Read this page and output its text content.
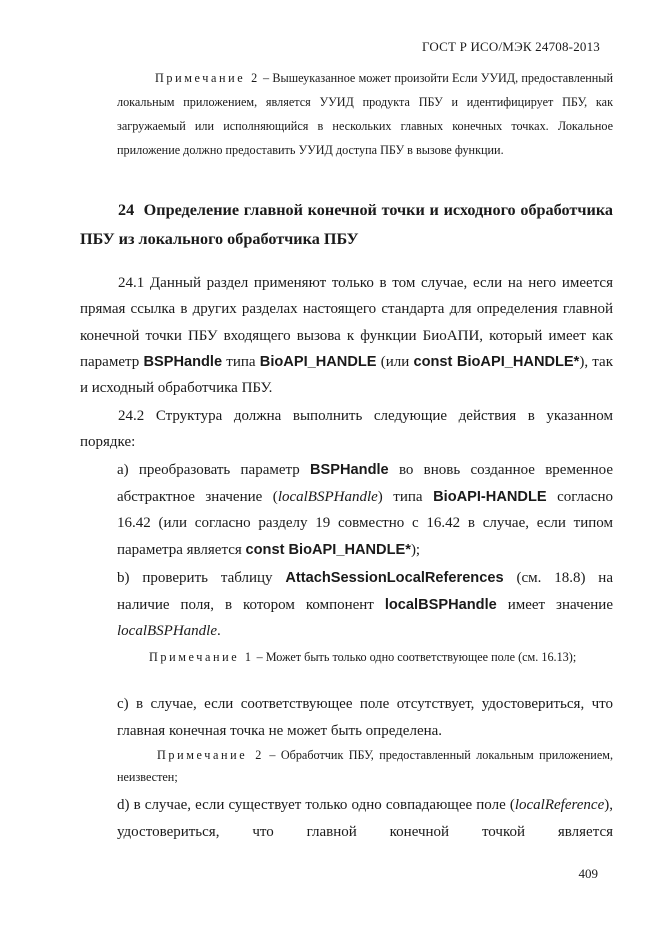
ГОСТ Р ИСО/МЭК 24708-2013

Примечание 2 – Вышеуказанное может произойти Если УУИД, предоставленный локальным приложением, является УУИД продукта ПБУ и идентифицирует ПБУ, как загружаемый или исполняющийся в нескольких главных конечных точках. Локальное приложение должно предоставить УУИД доступа ПБУ в вызове функции.

24 Определение главной конечной точки и исходного обработчика ПБУ из локального обработчика ПБУ

24.1 Данный раздел применяют только в том случае, если на него имеется прямая ссылка в других разделах настоящего стандарта для определения главной конечной точки ПБУ входящего вызова к функции БиоАПИ, который имеет как параметр BSPHandle типа BioAPI_HANDLE (или const BioAPI_HANDLE*), так и исходный обработчика ПБУ.

24.2 Структура должна выполнить следующие действия в указанном порядке:

а) преобразовать параметр BSPHandle во вновь созданное временное абстрактное значение (localBSPHandle) типа BioAPI-HANDLE согласно 16.42 (или согласно разделу 19 совместно с 16.42 в случае, если типом параметра является const BioAPI_HANDLE*);

b) проверить таблицу AttachSessionLocalReferences (см. 18.8) на наличие поля, в котором компонент localBSPHandle имеет значение localBSPHandle.

Примечание 1 – Может быть только одно соответствующее поле (см. 16.13);

c) в случае, если соответствующее поле отсутствует, удостовериться, что главная конечная точка не может быть определена.

Примечание 2 – Обработчик ПБУ, предоставленный локальным приложением, неизвестен;

d) в случае, если существует только одно совпадающее поле (localReference), удостовериться, что главной конечной точкой является

409
